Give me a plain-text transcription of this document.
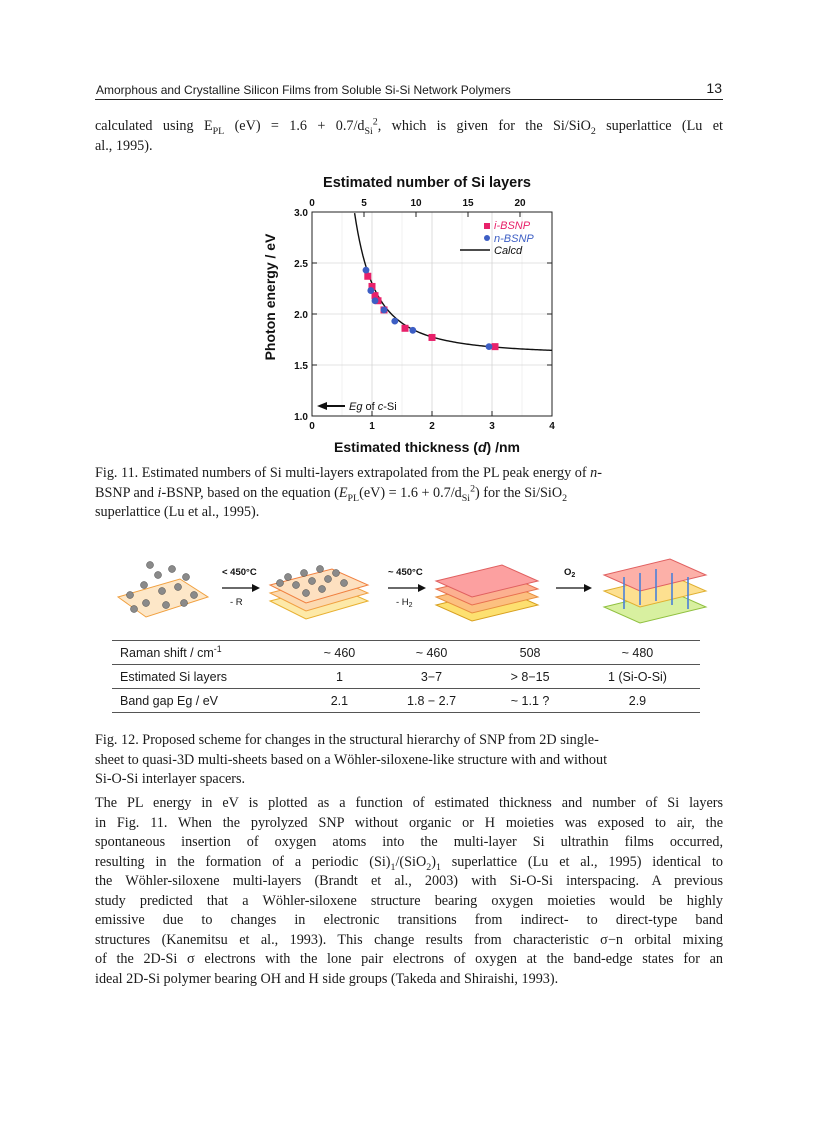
Amorphous and Crystalline Silicon Films from Soluble Si-Si Network Polymers	13
calculated using $E_{PL}$ $(eV) = 1.6 + 0.7/d_{Si}^2$, which is given for the Si/SiO$_2$ superlattice (Lu et
al., 1995).
Estimated number of Si layers
Photon energy / eV
Estimated thickness (d) /nm
0	1	2	3	4
1.0
1.5
2.0
2.5
3.0
0	5	10	15	20
i-BSNP
n-BSNP
Calcd
Eg of c-Si
Fig. 11. Estimated numbers of Si multi-layers extrapolated from the PL peak energy of n-
BSNP and i-BSNP, based on the equation $(E_{PL}(eV) = 1.6 + 0.7/d_{Si}^2)$ for the Si/SiO$_2$
superlattice (Lu et al., 1995).
< 450°C
- R
~ 450°C
- $H_2$
$O_2$
Raman shift / $cm^{-1}$	~ 460	~ 460	508	~ 480
Estimated Si layers	1	3−7	> 8−15	1 (Si-O-Si)
Band gap Eg / eV	2.1	1.8 − 2.7	~ 1.1 ?	2.9
Fig. 12. Proposed scheme for changes in the structural hierarchy of SNP from 2D single-
sheet to quasi-3D multi-sheets based on a Wöhler-siloxene-like structure with and without
Si-O-Si interlayer spacers.
The PL energy in eV is plotted as a function of estimated thickness and number of Si layers
in Fig. 11. When the pyrolyzed SNP without organic or H moieties was exposed to air, the
spontaneous insertion of oxygen atoms into the multi-layer Si ultrathin films occurred,
resulting in the formation of a periodic $(Si)_1/(SiO_2)_1$ superlattice (Lu et al., 1995) identical to
the Wöhler-siloxene multi-layers (Brandt et al., 2003) with Si-O-Si interspacing. A previous
study predicted that a Wöhler-siloxene structure bearing oxygen moieties would be highly
emissive due to changes in electronic transitions from indirect- to direct-type band
structures (Kanemitsu et al., 1993). This change results from characteristic σ−n orbital mixing
of the 2D-Si σ electrons with the lone pair electrons of oxygen at the band-edge states for an
ideal 2D-Si polymer bearing OH and H side groups (Takeda and Shiraishi, 1993).
